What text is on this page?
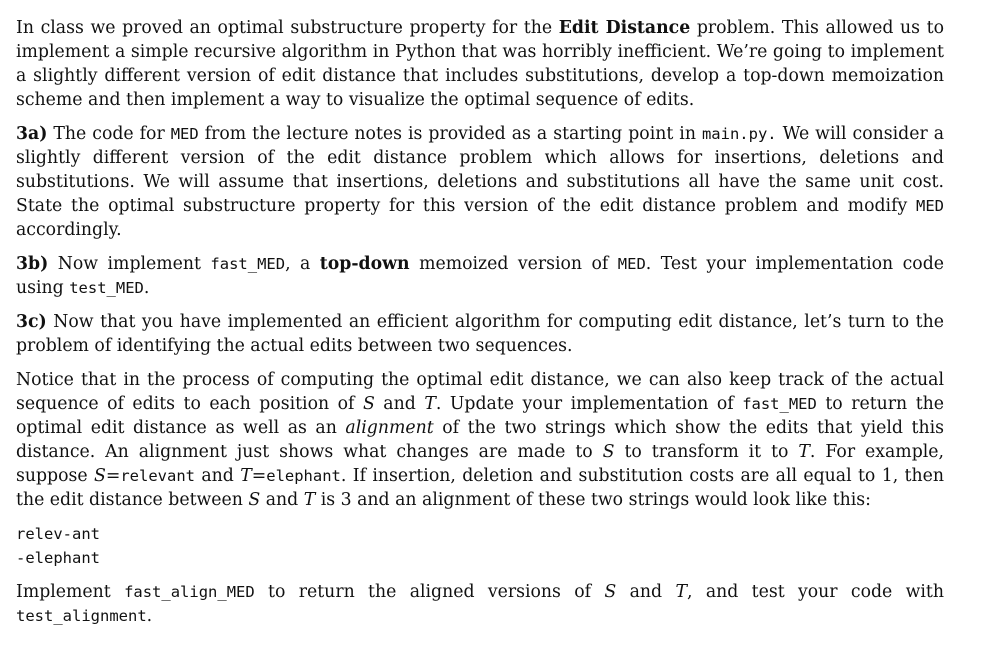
In class we proved an optimal substructure property for the Edit Distance problem. This allowed us to implement a simple recursive algorithm in Python that was horribly inefficient. We’re going to implement a slightly different version of edit distance that includes substitutions, develop a top-down memoization scheme and then implement a way to visualize the optimal sequence of edits.

3a) The code for MED from the lecture notes is provided as a starting point in main.py. We will consider a slightly different version of the edit distance problem which allows for insertions, deletions and substitutions. We will assume that insertions, deletions and substitutions all have the same unit cost. State the optimal substructure property for this version of the edit distance problem and modify MED accordingly.

3b) Now implement fast_MED, a top-down memoized version of MED. Test your implementation code using test_MED.

3c) Now that you have implemented an efficient algorithm for computing edit distance, let’s turn to the problem of identifying the actual edits between two sequences.

Notice that in the process of computing the optimal edit distance, we can also keep track of the actual sequence of edits to each position of S and T. Update your implementation of fast_MED to return the optimal edit distance as well as an alignment of the two strings which show the edits that yield this distance. An alignment just shows what changes are made to S to transform it to T. For example, suppose S=relevant and T=elephant. If insertion, deletion and substitution costs are all equal to 1, then the edit distance between S and T is 3 and an alignment of these two strings would look like this:

relev-ant
-elephant

Implement fast_align_MED to return the aligned versions of S and T, and test your code with test_alignment.
